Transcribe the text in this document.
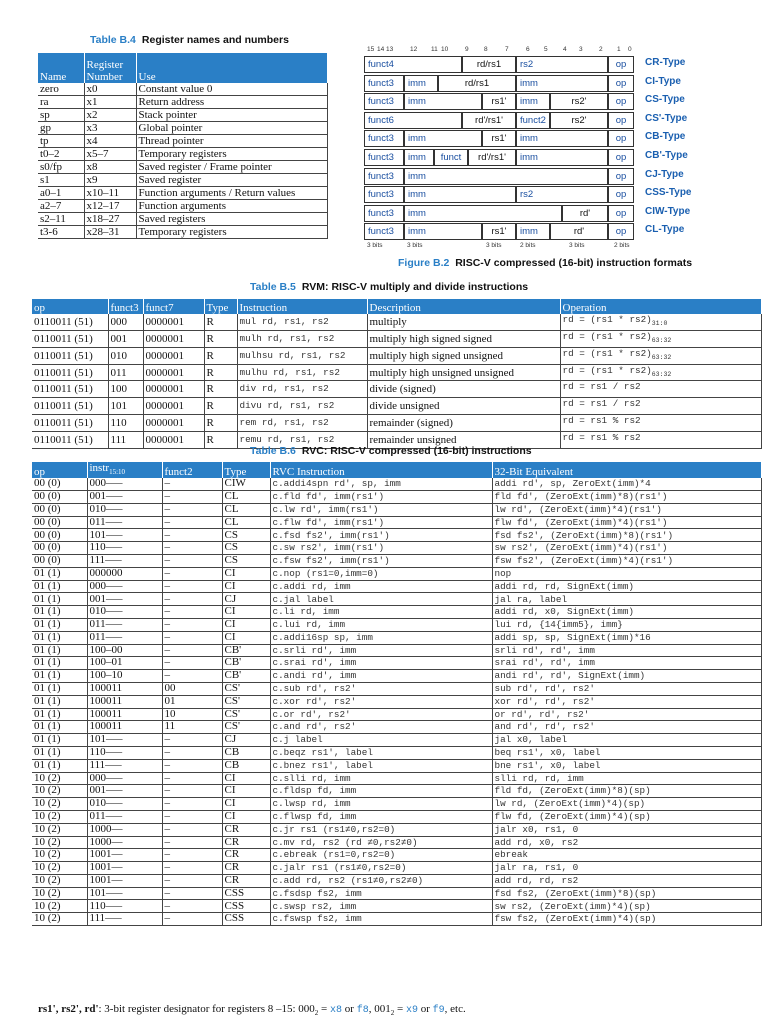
Table B.4 Register names and numbers
Name	Register Number	Use
zero	x0	Constant value 0
ra	x1	Return address
sp	x2	Stack pointer
gp	x3	Global pointer
tp	x4	Thread pointer
t0–2	x5–7	Temporary registers
s0/fp	x8	Saved register / Frame pointer
s1	x9	Saved register
a0–1	x10–11	Function arguments / Return values
a2–7	x12–17	Function arguments
s2–11	x18–27	Saved registers
t3-6	x28–31	Temporary registers
15 14 13	12 11 10	9 8	7	6 5 4 3	2 1 0
funct4	rd/rs1	rs2	op	CR-Type
funct3	imm	rd/rs1	imm	op	CI-Type
funct3	imm	rs1'	imm	rs2'	op	CS-Type
funct6	rd'/rs1'	funct2	rs2'	op	CS'-Type
funct3	imm	rs1'	imm	op	CB-Type
funct3	imm	funct	rd'/rs1'	imm	op	CB'-Type
funct3	imm	op	CJ-Type
funct3	imm	rs2	op	CSS-Type
funct3	imm	rd'	op	CIW-Type
funct3	imm	rs1'	imm	rd'	op	CL-Type
3 bits	3 bits	3 bits	2 bits	3 bits	2 bits
Figure B.2 RISC-V compressed (16-bit) instruction formats
Table B.5 RVM: RISC-V multiply and divide instructions
op	funct3	funct7	Type	Instruction	Description	Operation
0110011 (51)	000	0000001	R	mul rd, rs1, rs2	multiply	rd = $(rs1 * rs2)_{31:0}$
0110011 (51)	001	0000001	R	mulh rd, rs1, rs2	multiply high signed signed	rd = $(rs1 * rs2)_{63:32}$
0110011 (51)	010	0000001	R	mulhsu rd, rs1, rs2	multiply high signed unsigned	rd = $(rs1 * rs2)_{63:32}$
0110011 (51)	011	0000001	R	mulhu rd, rs1, rs2	multiply high unsigned unsigned	rd = $(rs1 * rs2)_{63:32}$
0110011 (51)	100	0000001	R	div rd, rs1, rs2	divide (signed)	rd = rs1 / rs2
0110011 (51)	101	0000001	R	divu rd, rs1, rs2	divide unsigned	rd = rs1 / rs2
0110011 (51)	110	0000001	R	rem rd, rs1, rs2	remainder (signed)	rd = rs1 % rs2
0110011 (51)	111	0000001	R	remu rd, rs1, rs2	remainder unsigned	rd = rs1 % rs2
Table B.6 RVC: RISC-V compressed (16-bit) instructions
op	instr$_{15:10}$	funct2	Type	RVC Instruction	32-Bit Equivalent
00 (0)	000–––	–	CIW	c.addi4spn rd', sp, imm	addi rd', sp, ZeroExt(imm)*4
00 (0)	001–––	–	CL	c.fld fd', imm(rs1')	fld fd', (ZeroExt(imm)*8)(rs1')
00 (0)	010–––	–	CL	c.lw rd', imm(rs1')	lw rd', (ZeroExt(imm)*4)(rs1')
00 (0)	011–––	–	CL	c.flw fd', imm(rs1')	flw fd', (ZeroExt(imm)*4)(rs1')
00 (0)	101–––	–	CS	c.fsd fs2', imm(rs1')	fsd fs2', (ZeroExt(imm)*8)(rs1')
00 (0)	110–––	–	CS	c.sw rs2', imm(rs1')	sw rs2', (ZeroExt(imm)*4)(rs1')
00 (0)	111–––	–	CS	c.fsw fs2', imm(rs1')	fsw fs2', (ZeroExt(imm)*4)(rs1')
01 (1)	000000	–	CI	c.nop (rs1=0,imm=0)	nop
01 (1)	000–––	–	CI	c.addi rd, imm	addi rd, rd, SignExt(imm)
01 (1)	001–––	–	CJ	c.jal label	jal ra, label
01 (1)	010–––	–	CI	c.li rd, imm	addi rd, x0, SignExt(imm)
01 (1)	011–––	–	CI	c.lui rd, imm	lui rd, {14{imm5}, imm}
01 (1)	011–––	–	CI	c.addi16sp sp, imm	addi sp, sp, SignExt(imm)*16
01 (1)	100–00	–	CB'	c.srli rd', imm	srli rd', rd', imm
01 (1)	100–01	–	CB'	c.srai rd', imm	srai rd', rd', imm
01 (1)	100–10	–	CB'	c.andi rd', imm	andi rd', rd', SignExt(imm)
01 (1)	100011	00	CS'	c.sub rd', rs2'	sub rd', rd', rs2'
01 (1)	100011	01	CS'	c.xor rd', rs2'	xor rd', rd', rs2'
01 (1)	100011	10	CS'	c.or rd', rs2'	or rd', rd', rs2'
01 (1)	100011	11	CS'	c.and rd', rs2'	and rd', rd', rs2'
01 (1)	101–––	–	CJ	c.j label	jal x0, label
01 (1)	110–––	–	CB	c.beqz rs1', label	beq rs1', x0, label
01 (1)	111–––	–	CB	c.bnez rs1', label	bne rs1', x0, label
10 (2)	000–––	–	CI	c.slli rd, imm	slli rd, rd, imm
10 (2)	001–––	–	CI	c.fldsp fd, imm	fld fd, (ZeroExt(imm)*8)(sp)
10 (2)	010–––	–	CI	c.lwsp rd, imm	lw rd, (ZeroExt(imm)*4)(sp)
10 (2)	011–––	–	CI	c.flwsp fd, imm	flw fd, (ZeroExt(imm)*4)(sp)
10 (2)	1000––	–	CR	c.jr rs1 (rs1≠0,rs2=0)	jalr x0, rs1, 0
10 (2)	1000––	–	CR	c.mv rd, rs2 (rd ≠0,rs2≠0)	add rd, x0, rs2
10 (2)	1001––	–	CR	c.ebreak (rs1=0,rs2=0)	ebreak
10 (2)	1001––	–	CR	c.jalr rs1 (rs1≠0,rs2=0)	jalr ra, rs1, 0
10 (2)	1001––	–	CR	c.add rd, rs2 (rs1≠0,rs2≠0)	add rd, rd, rs2
10 (2)	101–––	–	CSS	c.fsdsp fs2, imm	fsd fs2, (ZeroExt(imm)*8)(sp)
10 (2)	110–––	–	CSS	c.swsp rs2, imm	sw rs2, (ZeroExt(imm)*4)(sp)
10 (2)	111–––	–	CSS	c.fswsp fs2, imm	fsw fs2, (ZeroExt(imm)*4)(sp)
rs1', rs2', rd': 3-bit register designator for registers 8 –15: $000_2 = x8$ or f8, $001_2 = x9$ or f9, etc.
